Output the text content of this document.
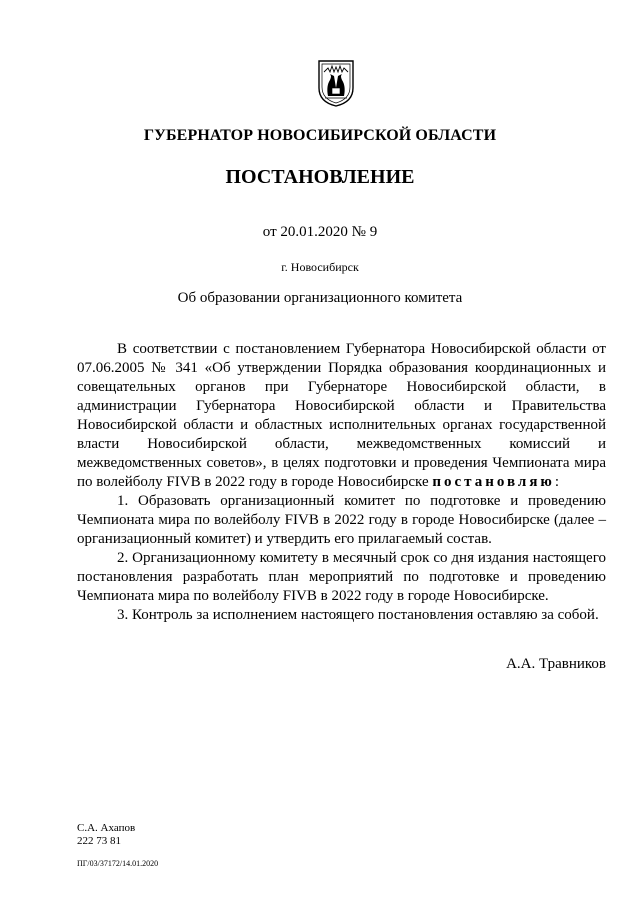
ГУБЕРНАТОР НОВОСИБИРСКОЙ ОБЛАСТИ
ПОСТАНОВЛЕНИЕ
от 20.01.2020 № 9
г. Новосибирск
Об образовании организационного комитета

В соответствии с постановлением Губернатора Новосибирской области от 07.06.2005 № 341 «Об утверждении Порядка образования координационных и совещательных органов при Губернаторе Новосибирской области, в администрации Губернатора Новосибирской области и Правительства Новосибирской области и областных исполнительных органах государственной власти Новосибирской области, межведомственных комиссий и межведомственных советов», в целях подготовки и проведения Чемпионата мира по волейболу FIVB в 2022 году в городе Новосибирске постановляю:

1. Образовать организационный комитет по подготовке и проведению Чемпионата мира по волейболу FIVB в 2022 году в городе Новосибирске (далее – организационный комитет) и утвердить его прилагаемый состав.

2. Организационному комитету в месячный срок со дня издания настоящего постановления разработать план мероприятий по подготовке и проведению Чемпионата мира по волейболу FIVB в 2022 году в городе Новосибирске.

3. Контроль за исполнением настоящего постановления оставляю за собой.

А.А. Травников
С.А. Ахапов
222 73 81
ПГ/03/37172/14.01.2020
